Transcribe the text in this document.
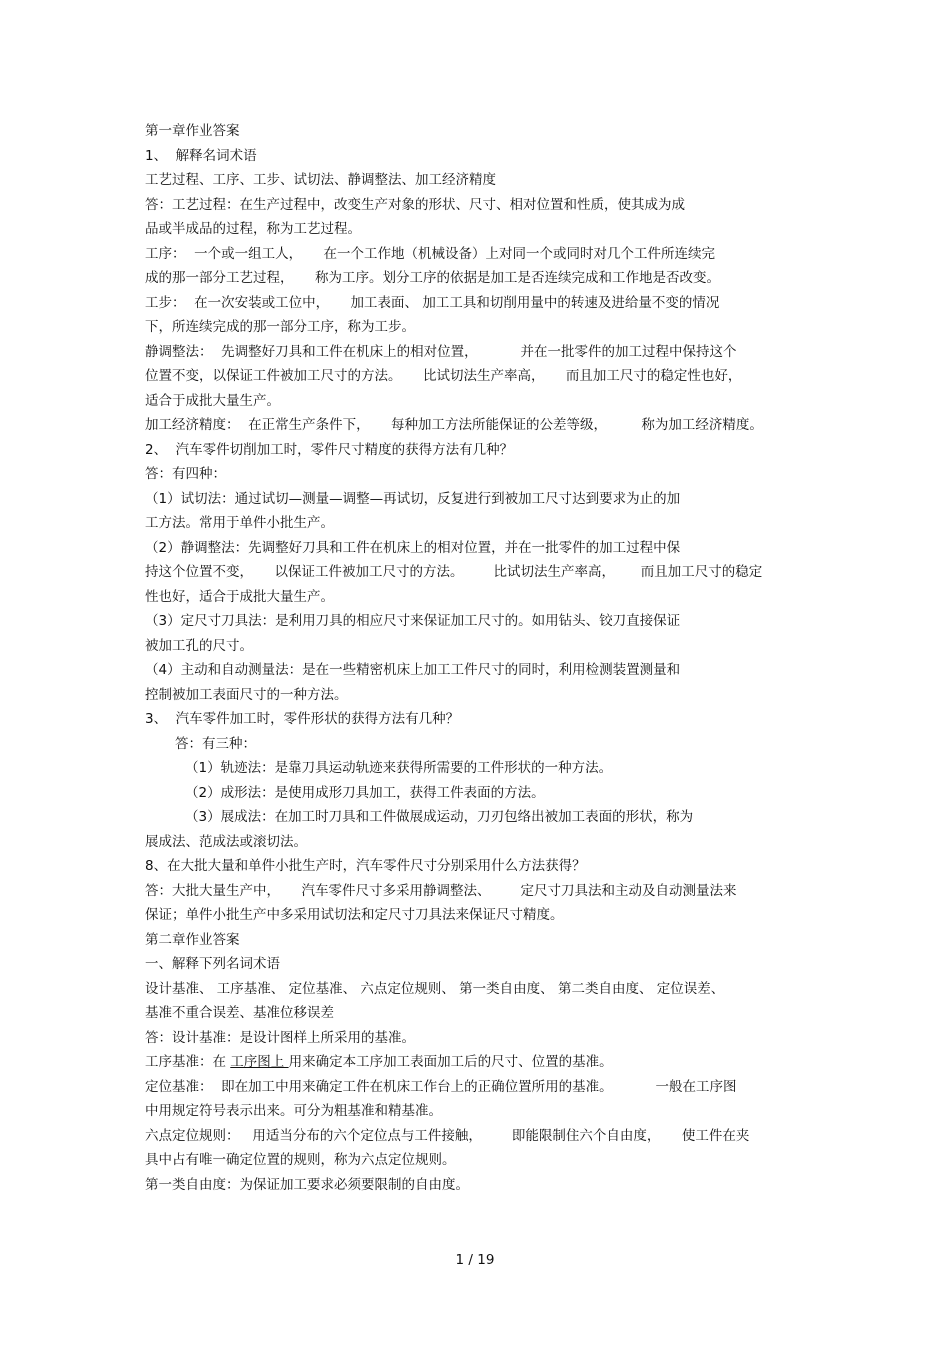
第一章作业答案
1、  解释名词术语
工艺过程、工序、工步、试切法、静调整法、加工经济精度
答：工艺过程：在生产过程中，改变生产对象的形状、尺寸、相对位置和性质，使其成为成
品或半成品的过程，称为工艺过程。
工序：  一个或一组工人，     在一个工作地（机械设备）上对同一个或同时对几个工件所连续完
成的那一部分工艺过程，     称为工序。划分工序的依据是加工是否连续完成和工作地是否改变。
工步：  在一次安装或工位中，     加工表面、 加工工具和切削用量中的转速及进给量不变的情况
下，所连续完成的那一部分工序，称为工步。
静调整法：  先调整好刀具和工件在机床上的相对位置，          并在一批零件的加工过程中保持这个
位置不变，以保证工件被加工尺寸的方法。     比试切法生产率高，     而且加工尺寸的稳定性也好，
适合于成批大量生产。
加工经济精度：  在正常生产条件下，     每种加工方法所能保证的公差等级，        称为加工经济精度。
2、  汽车零件切削加工时，零件尺寸精度的获得方法有几种？
答：有四种：
（1）试切法：通过试切—测量—调整—再试切，反复进行到被加工尺寸达到要求为止的加
工方法。常用于单件小批生产。
（2）静调整法：先调整好刀具和工件在机床上的相对位置，并在一批零件的加工过程中保
持这个位置不变，     以保证工件被加工尺寸的方法。       比试切法生产率高，      而且加工尺寸的稳定
性也好，适合于成批大量生产。
（3）定尺寸刀具法：是利用刀具的相应尺寸来保证加工尺寸的。如用钻头、铰刀直接保证
被加工孔的尺寸。
（4）主动和自动测量法：是在一些精密机床上加工工件尺寸的同时，利用检测装置测量和
控制被加工表面尺寸的一种方法。
3、  汽车零件加工时，零件形状的获得方法有几种？
答：有三种：
（1）轨迹法：是靠刀具运动轨迹来获得所需要的工件形状的一种方法。
（2）成形法：是使用成形刀具加工，获得工件表面的方法。
（3）展成法：在加工时刀具和工件做展成运动，刀刃包络出被加工表面的形状，称为
展成法、范成法或滚切法。
8、在大批大量和单件小批生产时，汽车零件尺寸分别采用什么方法获得？
答：大批大量生产中，     汽车零件尺寸多采用静调整法、       定尺寸刀具法和主动及自动测量法来
保证；单件小批生产中多采用试切法和定尺寸刀具法来保证尺寸精度。
第二章作业答案
一、解释下列名词术语
设计基准、 工序基准、 定位基准、 六点定位规则、 第一类自由度、 第二类自由度、 定位误差、
基准不重合误差、基准位移误差
答：设计基准：是设计图样上所采用的基准。
工序基准：在 工序图上 用来确定本工序加工表面加工后的尺寸、位置的基准。
定位基准：  即在加工中用来确定工件在机床工作台上的正确位置所用的基准。          一般在工序图
中用规定符号表示出来。可分为粗基准和精基准。
六点定位规则：   用适当分布的六个定位点与工件接触，       即能限制住六个自由度，     使工件在夹
具中占有唯一确定位置的规则，称为六点定位规则。
第一类自由度：为保证加工要求必须要限制的自由度。
1 / 19
